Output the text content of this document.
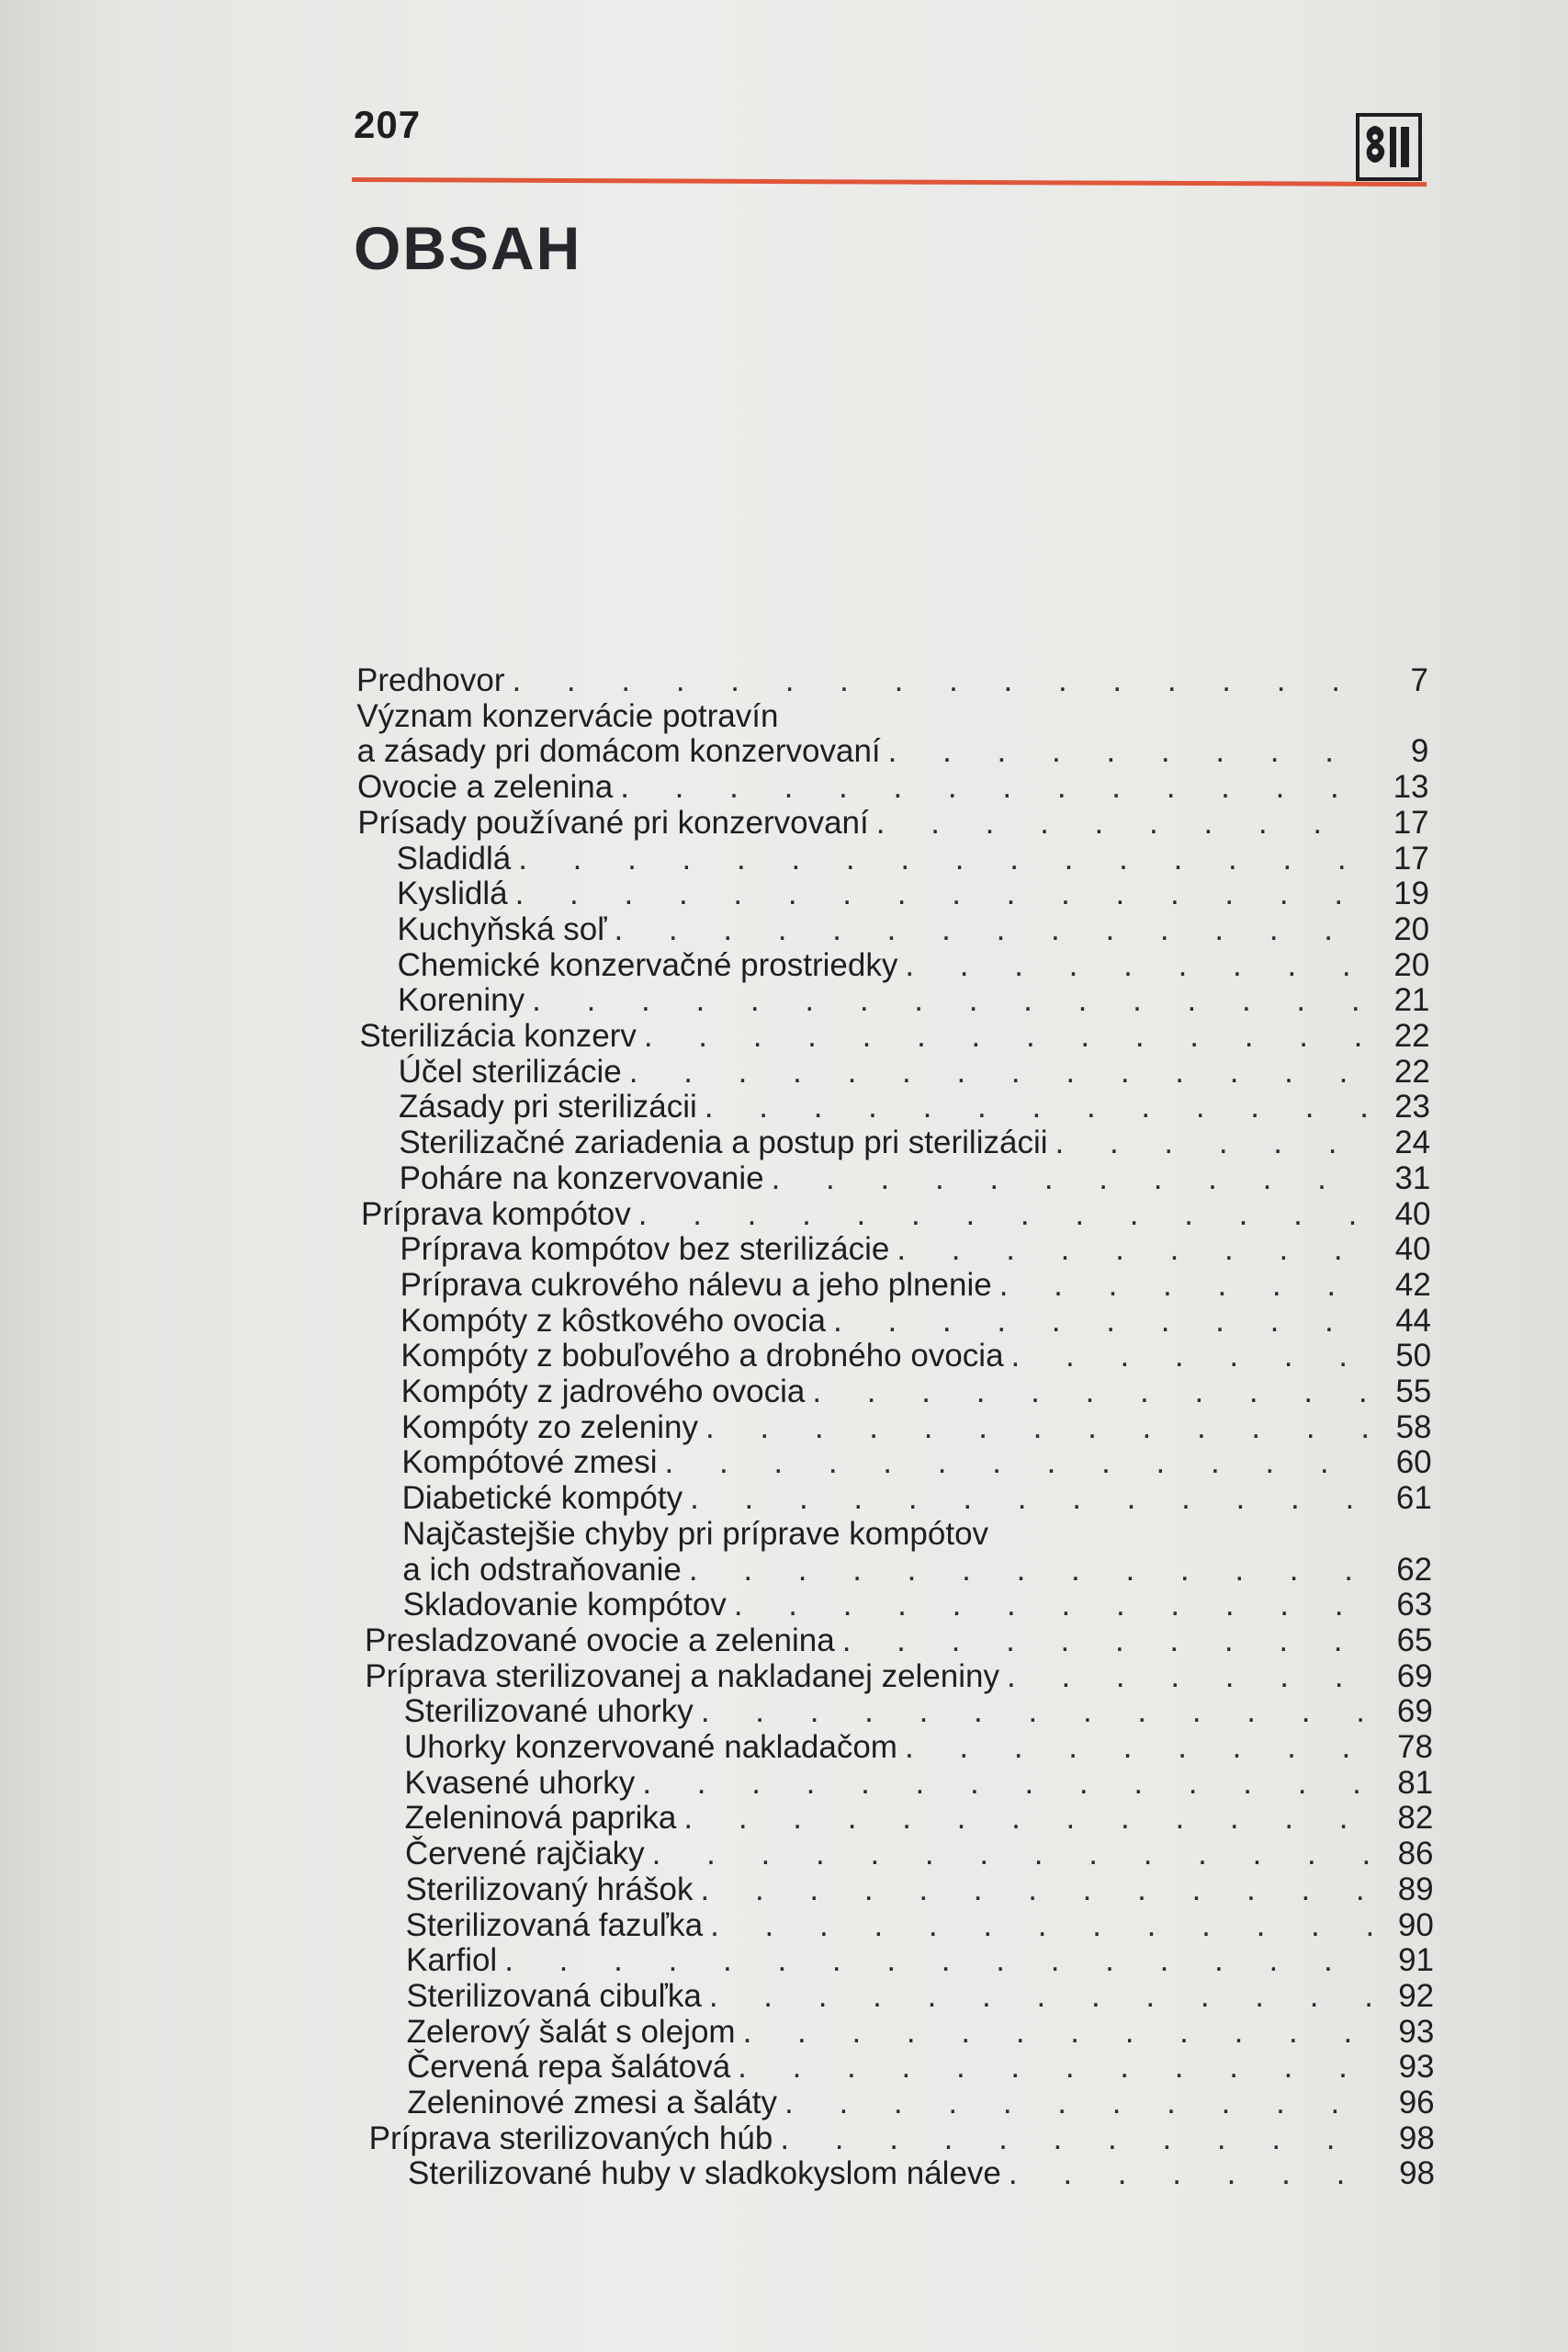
207
OBSAH
Predhovor . . .	7
Význam konzervácie potravín
a zásady pri domácom konzervovaní . . .	9
Ovocie a zelenina . . .	13
Prísady používané pri konzervovaní . . .	17
Sladidlá . . .	17
Kyslidlá . . .	19
Kuchyňská soľ . . .	20
Chemické konzervačné prostriedky . . .	20
Koreniny . . .	21
Sterilizácia konzerv . . .	22
Účel sterilizácie . . .	22
Zásady pri sterilizácii . . .	23
Sterilizačné zariadenia a postup pri sterilizácii . . .	24
Poháre na konzervovanie . . .	31
Príprava kompótov . . .	40
Príprava kompótov bez sterilizácie . . .	40
Príprava cukrového nálevu a jeho plnenie . . .	42
Kompóty z kôstkového ovocia . . .	44
Kompóty z bobuľového a drobného ovocia . . .	50
Kompóty z jadrového ovocia . . .	55
Kompóty zo zeleniny . . .	58
Kompótové zmesi . . .	60
Diabetické kompóty . . .	61
Najčastejšie chyby pri príprave kompótov
a ich odstraňovanie . . .	62
Skladovanie kompótov . . .	63
Presladzované ovocie a zelenina . . .	65
Príprava sterilizovanej a nakladanej zeleniny . . .	69
Sterilizované uhorky . . .	69
Uhorky konzervované nakladačom . . .	78
Kvasené uhorky . . .	81
Zeleninová paprika . . .	82
Červené rajčiaky . . .	86
Sterilizovaný hrášok . . .	89
Sterilizovaná fazuľka . . .	90
Karfiol . . .	91
Sterilizovaná cibuľka . . .	92
Zelerový šalát s olejom . . .	93
Červená repa šalátová . . .	93
Zeleninové zmesi a šaláty . . .	96
Príprava sterilizovaných húb . . .	98
Sterilizované huby v sladkokyslom náleve . . .	98
